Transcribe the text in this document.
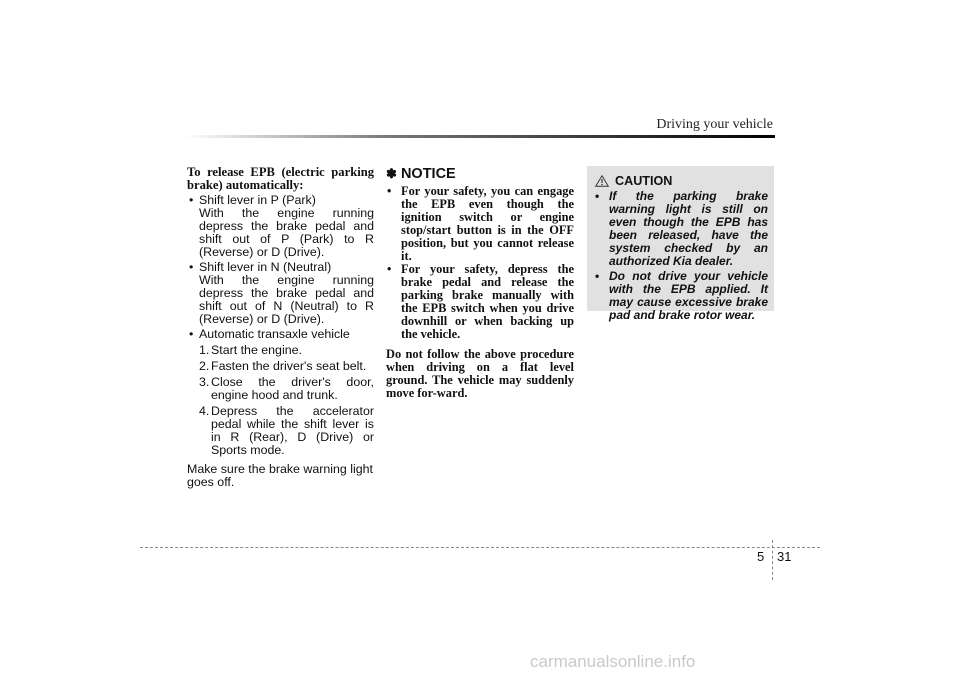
Driving your vehicle
To release EPB (electric parking brake) automatically:
• Shift lever in P (Park)
With the engine running depress the brake pedal and shift out of P (Park) to R (Reverse) or D (Drive).
• Shift lever in N (Neutral)
With the engine running depress the brake pedal and shift out of N (Neutral) to R (Reverse) or D (Drive).
• Automatic transaxle vehicle
1. Start the engine.
2. Fasten the driver's seat belt.
3. Close the driver's door, engine hood and trunk.
4. Depress the accelerator pedal while the shift lever is in R (Rear), D (Drive) or Sports mode.
Make sure the brake warning light goes off.
✽ NOTICE
• For your safety, you can engage the EPB even though the ignition switch or engine stop/start button is in the OFF position, but you cannot release it.
• For your safety, depress the brake pedal and release the parking brake manually with the EPB switch when you drive downhill or when backing up the vehicle.
Do not follow the above procedure when driving on a flat level ground. The vehicle may suddenly move for-ward.
CAUTION
• If the parking brake warning light is still on even though the EPB has been released, have the system checked by an authorized Kia dealer.
• Do not drive your vehicle with the EPB applied. It may cause excessive brake pad and brake rotor wear.
5 31
carmanualsonline.info
